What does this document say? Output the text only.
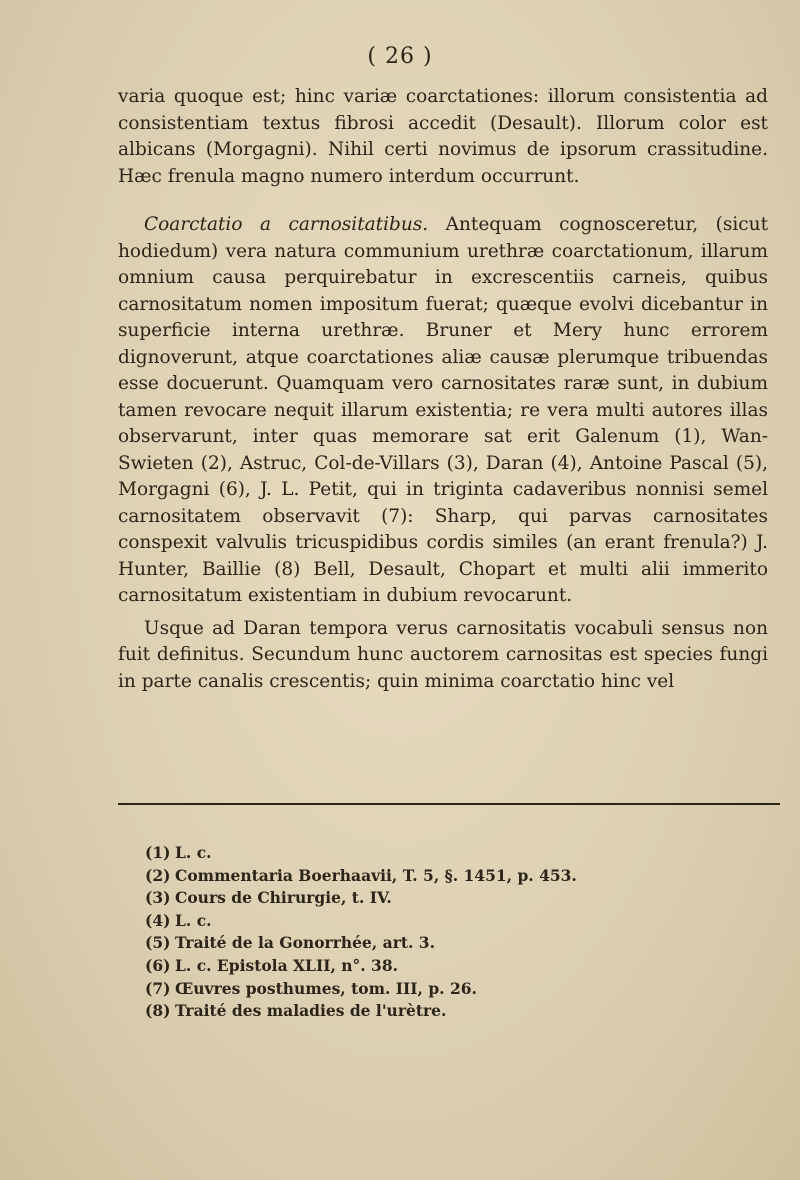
( 26 )

varia quoque est; hinc variæ coarctationes: illorum consistentia ad consistentiam textus fibrosi accedit (Desault). Illorum color est albicans (Morgagni). Nihil certi novimus de ipsorum crassitudine. Hæc frenula magno numero interdum occurrunt.

Coarctatio a carnositatibus. Antequam cognosceretur, (sicut hodiedum) vera natura communium urethræ coarctationum, illarum omnium causa perquirebatur in excrescentiis carneis, quibus carnositatum nomen impositum fuerat; quæque evolvi dicebantur in superficie interna urethræ. Bruner et Mery hunc errorem dignoverunt, atque coarctationes aliæ causæ plerumque tribuendas esse docuerunt. Quamquam vero carnositates raræ sunt, in dubium tamen revocare nequit illarum existentia; re vera multi autores illas observarunt, inter quas memorare sat erit Galenum (1), Wan-Swieten (2), Astruc, Col-de-Villars (3), Daran (4), Antoine Pascal (5), Morgagni (6), J. L. Petit, qui in triginta cadaveribus nonnisi semel carnositatem observavit (7): Sharp, qui parvas carnositates conspexit valvulis tricuspidibus cordis similes (an erant frenula?) J. Hunter, Baillie (8) Bell, Desault, Chopart et multi alii immerito carnositatum existentiam in dubium revocarunt.

Usque ad Daran tempora verus carnositatis vocabuli sensus non fuit definitus. Secundum hunc auctorem carnositas est species fungi in parte canalis crescentis; quin minima coarctatio hinc vel

(1) L. c.
(2) Commentaria Boerhaavii, T. 5, §. 1451, p. 453.
(3) Cours de Chirurgie, t. IV.
(4) L. c.
(5) Traité de la Gonorrhée, art. 3.
(6) L. c. Epistola XLII, n°. 38.
(7) Œuvres posthumes, tom. III, p. 26.
(8) Traité des maladies de l'urètre.
